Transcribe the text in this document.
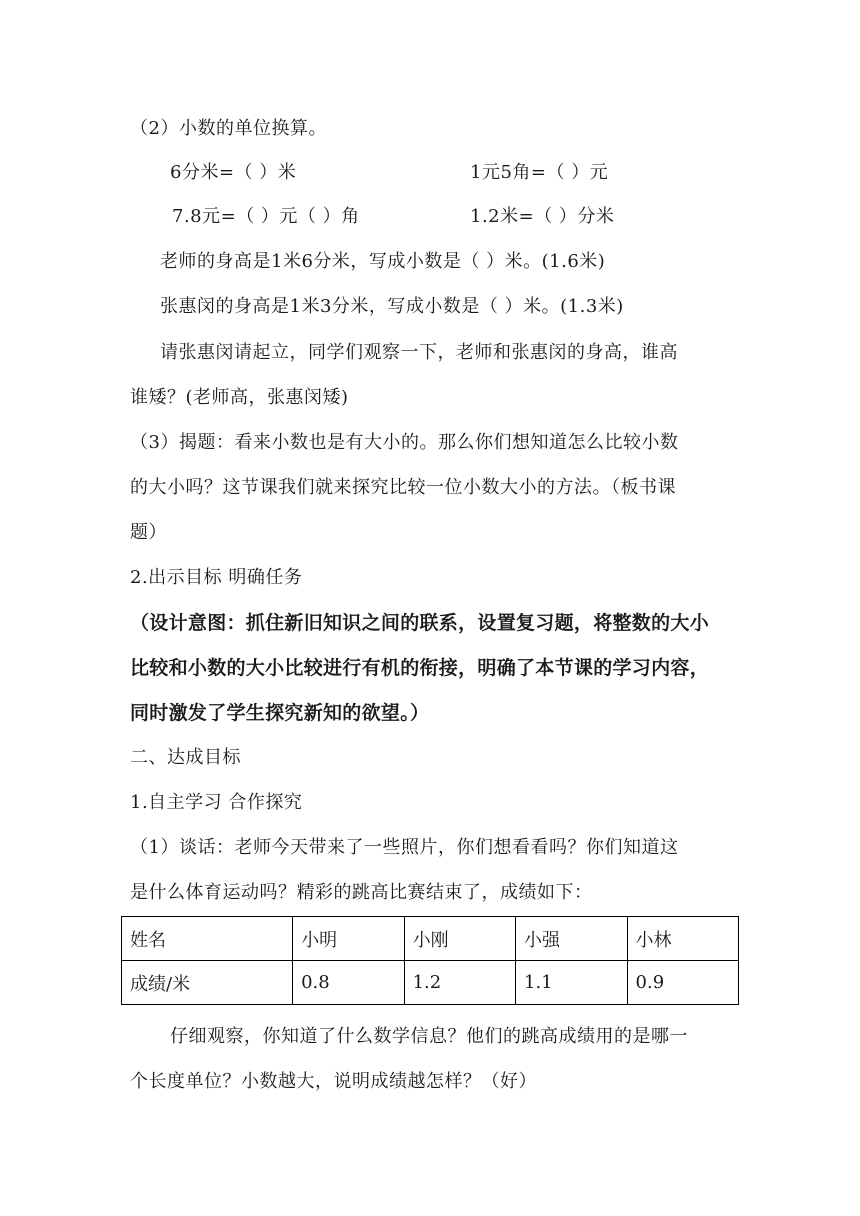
（2）小数的单位换算。
6分米=（ ）米	1元5角=（ ）元
7.8元=（ ）元（ ）角	1.2米=（ ）分米
老师的身高是1米6分米，写成小数是（ ）米。(1.6米)
张惠闵的身高是1米3分米，写成小数是（ ）米。(1.3米)
请张惠闵请起立，同学们观察一下，老师和张惠闵的身高，谁高
谁矮？(老师高，张惠闵矮)
（3）揭题：看来小数也是有大小的。那么你们想知道怎么比较小数
的大小吗？这节课我们就来探究比较一位小数大小的方法。（板书课
题）
2.出示目标 明确任务
（设计意图：抓住新旧知识之间的联系，设置复习题，将整数的大小
比较和小数的大小比较进行有机的衔接，明确了本节课的学习内容，
同时激发了学生探究新知的欲望。）
二、达成目标
1.自主学习 合作探究
（1）谈话：老师今天带来了一些照片，你们想看看吗？你们知道这
是什么体育运动吗？精彩的跳高比赛结束了，成绩如下：
姓名	小明	小刚	小强	小林
成绩/米	0.8	1.2	1.1	0.9
仔细观察，你知道了什么数学信息？他们的跳高成绩用的是哪一
个长度单位？小数越大，说明成绩越怎样？（好）
